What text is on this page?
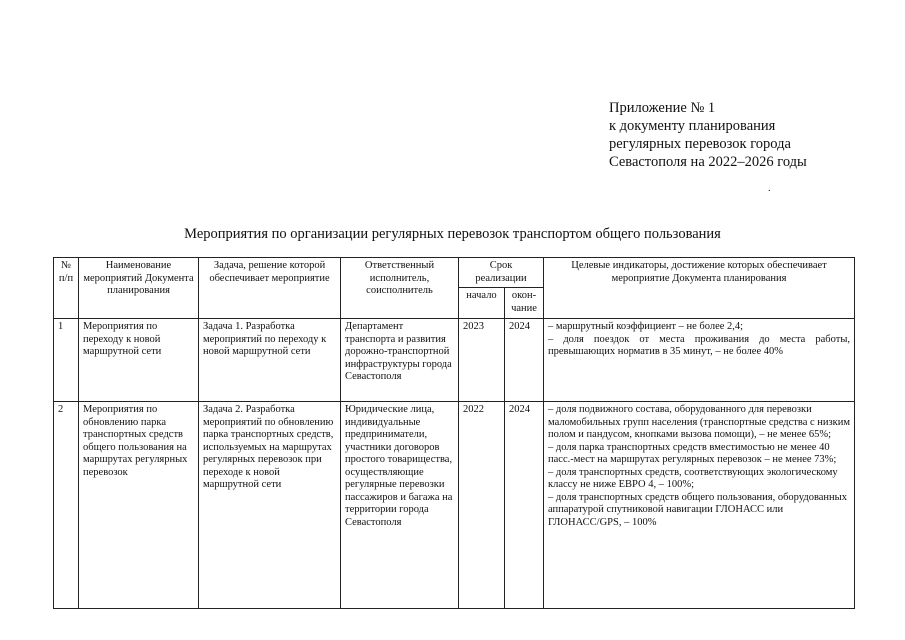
Приложение № 1
к документу планирования
регулярных перевозок города
Севастополя на 2022–2026 годы
.
Мероприятия по организации регулярных перевозок транспортом общего пользования
№ п/п	Наименование мероприятий Документа планирования	Задача, решение которой обеспечивает мероприятие	Ответственный исполнитель, соисполнитель	Срок реализации		Целевые индикаторы, достижение которых обеспечивает мероприятие Документа планирования
				начало	окон-чание	
1	Мероприятия по переходу к новой маршрутной сети	Задача 1. Разработка мероприятий по переходу к новой маршрутной сети	Департамент транспорта и развития дорожно-транспортной инфраструктуры города Севастополя	2023	2024	– маршрутный коэффициент – не более 2,4;
– доля поездок от места проживания до места работы, превышающих норматив в 35 минут, – не более 40%

2	Мероприятия по обновлению парка транспортных средств общего пользования на маршрутах регулярных перевозок	Задача 2. Разработка мероприятий по обновлению парка транспортных средств, используемых на маршрутах регулярных перевозок при переходе к новой маршрутной сети	Юридические лица, индивидуальные предприниматели, участники договоров простого товарищества, осуществляющие регулярные перевозки пассажиров и багажа на территории города Севастополя	2022	2024	– доля подвижного состава, оборудованного для перевозки маломобильных групп населения (транспортные средства с низким полом и пандусом, кнопками вызова помощи), – не менее 65%;
– доля парка транспортных средств вместимостью не менее 40 пасс.-мест на маршрутах регулярных перевозок – не менее 73%;
– доля транспортных средств, соответствующих экологическому классу не ниже ЕВРО 4, – 100%;
– доля транспортных средств общего пользования, оборудованных аппаратурой спутниковой навигации ГЛОНАСС или ГЛОНАСС/GPS, – 100%
